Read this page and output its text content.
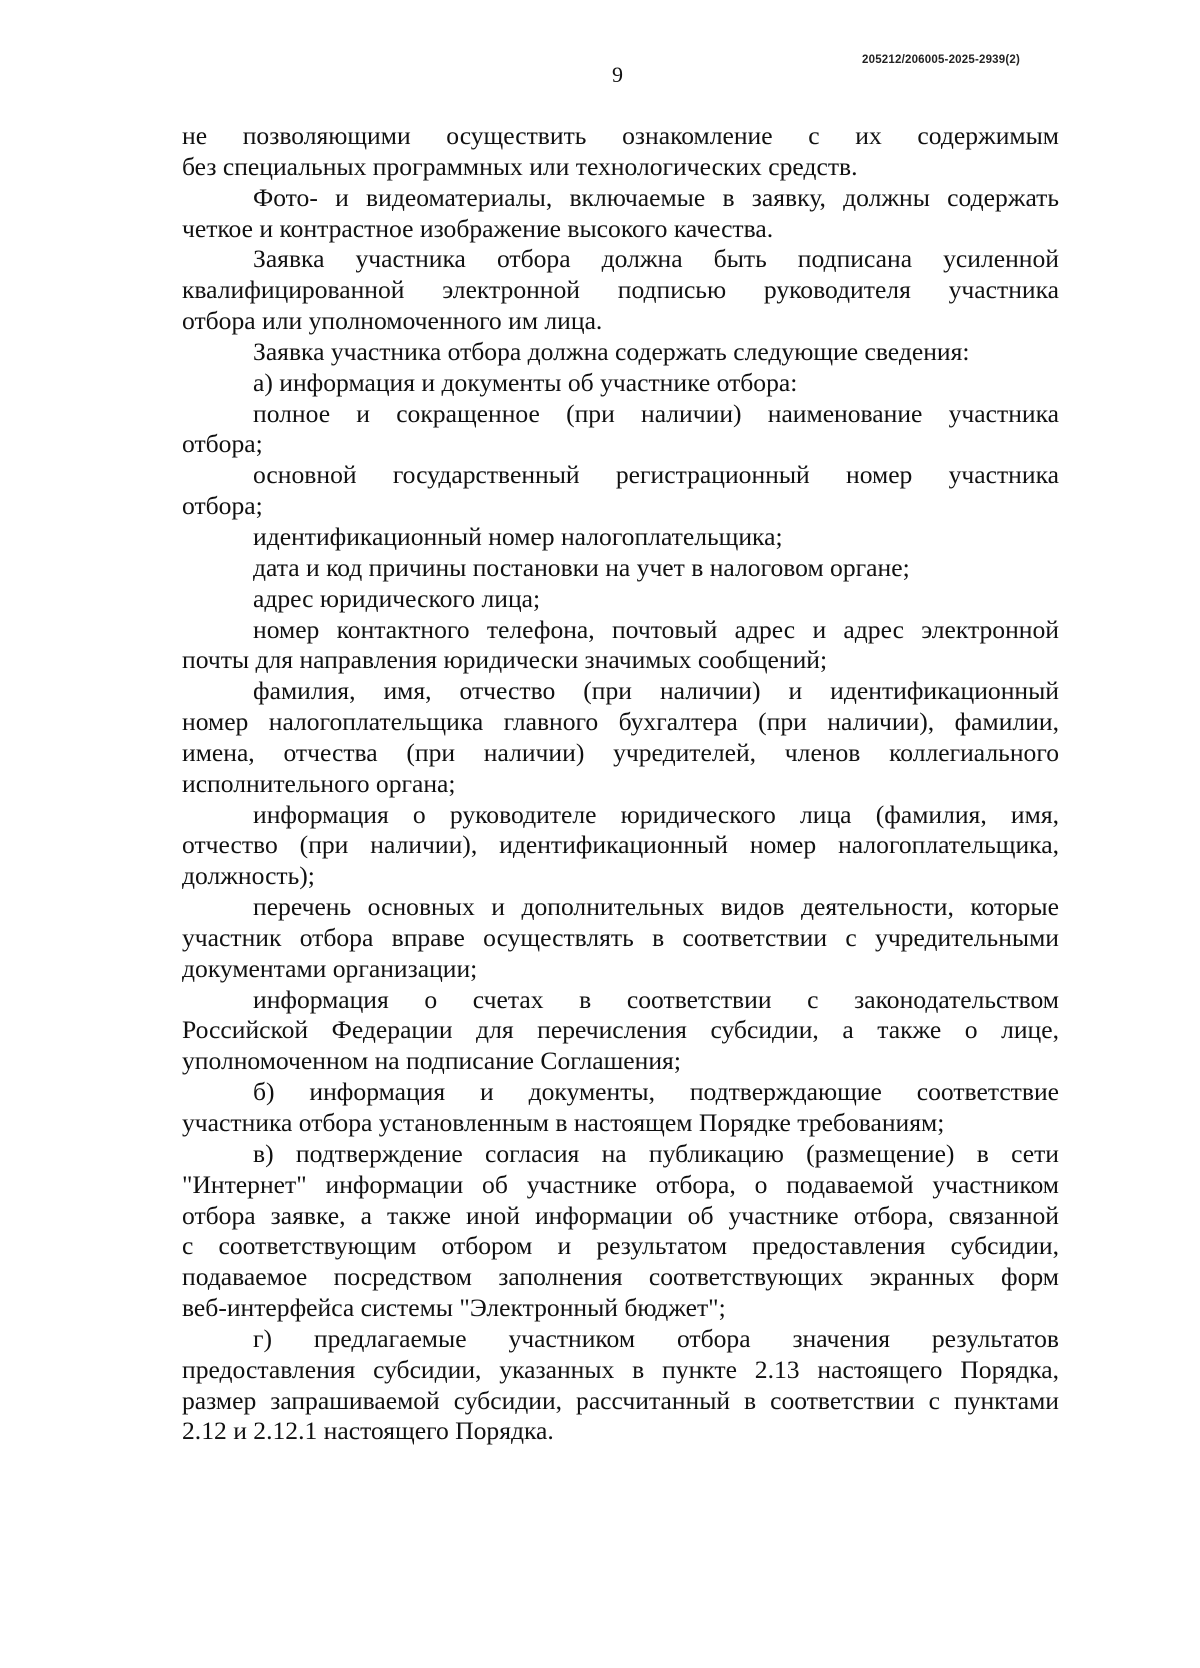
205212/206005-2025-2939(2)
9
не позволяющими осуществить ознакомление с их содержимым
без специальных программных или технологических средств.
Фото- и видеоматериалы, включаемые в заявку, должны содержать
четкое и контрастное изображение высокого качества.
Заявка участника отбора должна быть подписана усиленной
квалифицированной электронной подписью руководителя участника
отбора или уполномоченного им лица.
Заявка участника отбора должна содержать следующие сведения:
а) информация и документы об участнике отбора:
полное и сокращенное (при наличии) наименование участника
отбора;
основной государственный регистрационный номер участника
отбора;
идентификационный номер налогоплательщика;
дата и код причины постановки на учет в налоговом органе;
адрес юридического лица;
номер контактного телефона, почтовый адрес и адрес электронной
почты для направления юридически значимых сообщений;
фамилия, имя, отчество (при наличии) и идентификационный
номер налогоплательщика главного бухгалтера (при наличии), фамилии,
имена, отчества (при наличии) учредителей, членов коллегиального
исполнительного органа;
информация о руководителе юридического лица (фамилия, имя,
отчество (при наличии), идентификационный номер налогоплательщика,
должность);
перечень основных и дополнительных видов деятельности, которые
участник отбора вправе осуществлять в соответствии с учредительными
документами организации;
информация о счетах в соответствии с законодательством
Российской Федерации для перечисления субсидии, а также о лице,
уполномоченном на подписание Соглашения;
б) информация и документы, подтверждающие соответствие
участника отбора установленным в настоящем Порядке требованиям;
в) подтверждение согласия на публикацию (размещение) в сети
"Интернет" информации об участнике отбора, о подаваемой участником
отбора заявке, а также иной информации об участнике отбора, связанной
с соответствующим отбором и результатом предоставления субсидии,
подаваемое посредством заполнения соответствующих экранных форм
веб-интерфейса системы "Электронный бюджет";
г) предлагаемые участником отбора значения результатов
предоставления субсидии, указанных в пункте 2.13 настоящего Порядка,
размер запрашиваемой субсидии, рассчитанный в соответствии с пунктами
2.12 и 2.12.1 настоящего Порядка.
